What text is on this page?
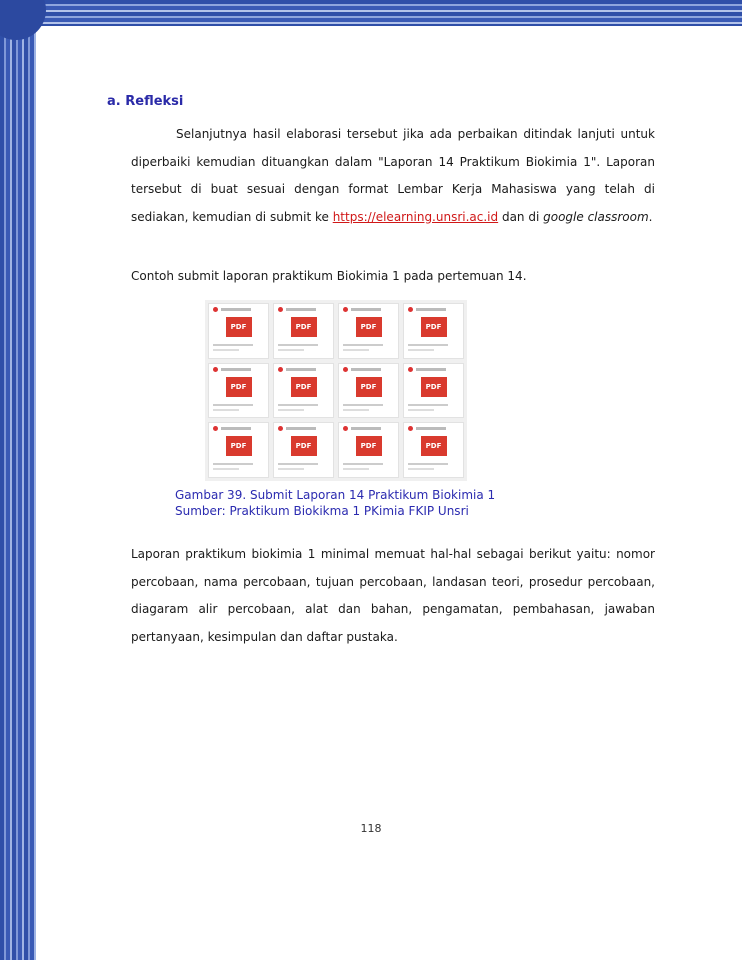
a. Refleksi
Selanjutnya hasil elaborasi tersebut jika ada perbaikan ditindak lanjuti untuk diperbaiki kemudian dituangkan dalam "Laporan 14 Praktikum Biokimia 1". Laporan tersebut di buat sesuai dengan format Lembar Kerja Mahasiswa yang telah di sediakan, kemudian di submit ke https://elearning.unsri.ac.id dan di google classroom.
Contoh submit laporan praktikum Biokimia 1 pada pertemuan 14.
PDF	PDF	PDF	PDF
PDF	PDF	PDF	PDF
PDF	PDF	PDF	PDF
Gambar 39. Submit Laporan 14 Praktikum Biokimia 1
Sumber: Praktikum Biokikma 1 PKimia FKIP Unsri
Laporan praktikum biokimia 1 minimal memuat hal-hal sebagai berikut yaitu: nomor percobaan, nama percobaan, tujuan percobaan, landasan teori, prosedur percobaan, diagaram alir percobaan, alat dan bahan, pengamatan, pembahasan, jawaban pertanyaan, kesimpulan dan daftar pustaka.
118
